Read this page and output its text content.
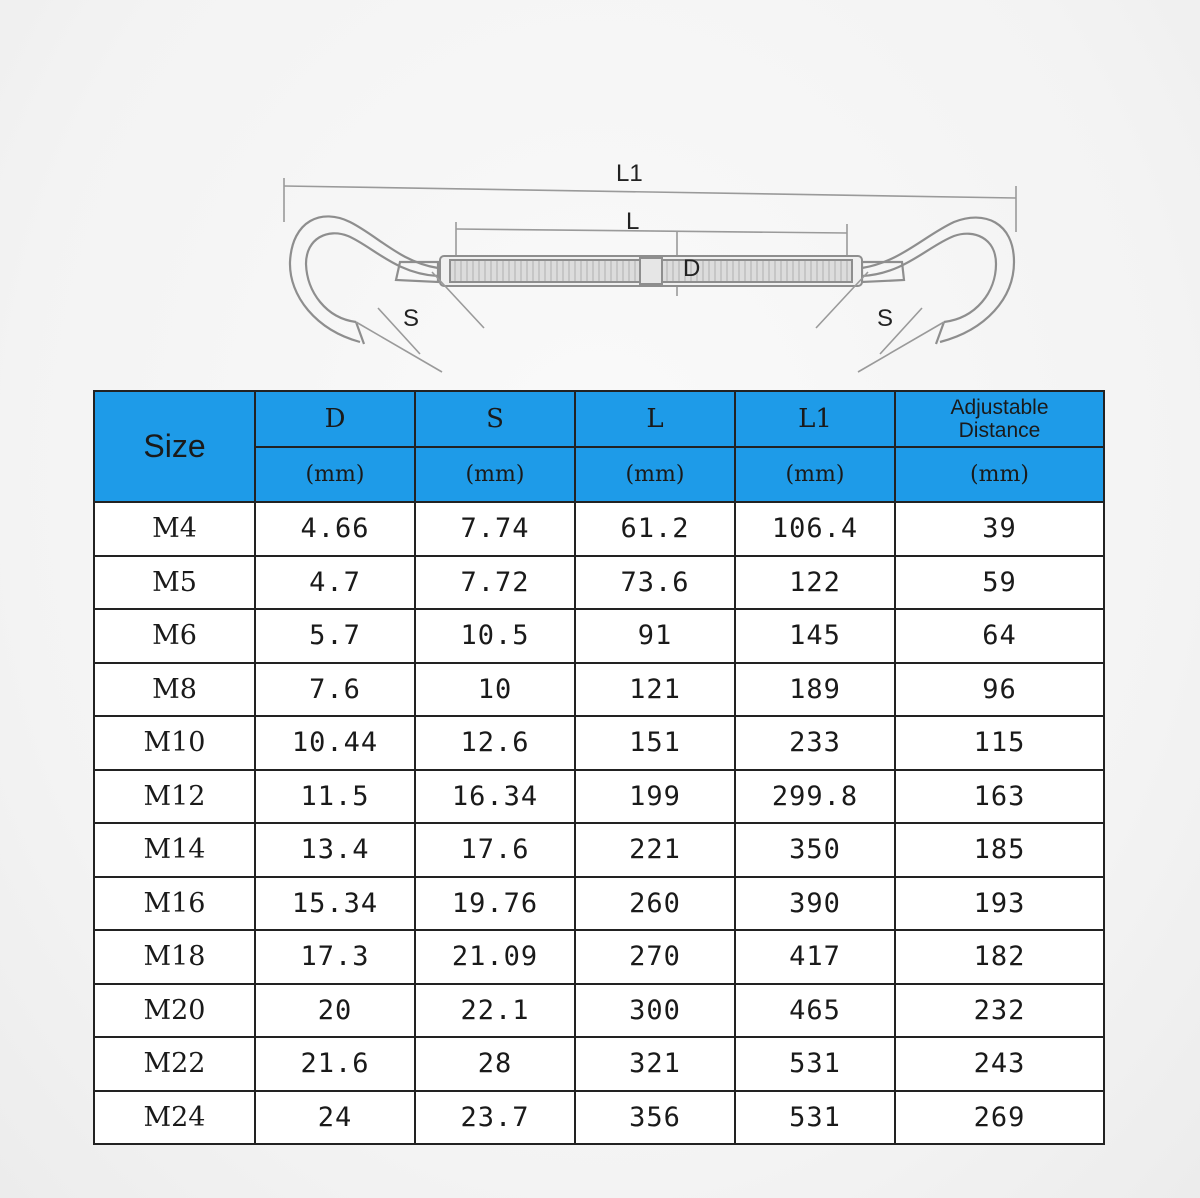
L1
L
D
S	S
Size	D	S	L	L1	Adjustable
Distance

	(mm)	(mm)	(mm)	(mm)	(mm)
M4	4.66	7.74	61.2	106.4	39
M5	4.7	7.72	73.6	122	59
M6	5.7	10.5	91	145	64
M8	7.6	10	121	189	96
M10	10.44	12.6	151	233	115
M12	11.5	16.34	199	299.8	163
M14	13.4	17.6	221	350	185
M16	15.34	19.76	260	390	193
M18	17.3	21.09	270	417	182
M20	20	22.1	300	465	232
M22	21.6	28	321	531	243
M24	24	23.7	356	531	269
